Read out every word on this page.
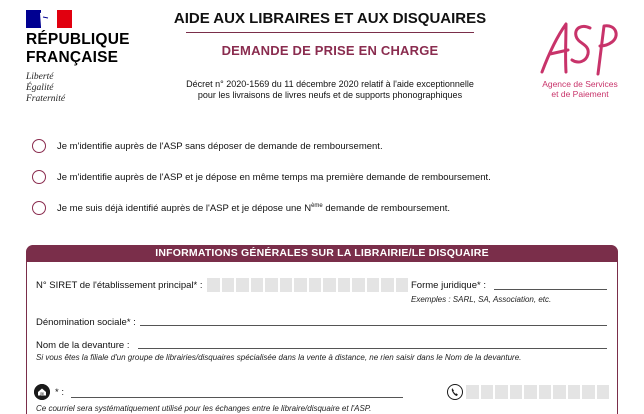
RÉPUBLIQUE
FRANÇAISE
Liberté
Égalité
Fraternité
AIDE AUX LIBRAIRES ET AUX DISQUAIRES
DEMANDE DE PRISE EN CHARGE
Décret n° 2020-1569 du 11 décembre 2020 relatif à l'aide exceptionnelle
pour les livraisons de livres neufs et de supports phonographiques
Agence de Services
et de Paiement
Je m'identifie auprès de l'ASP sans déposer de demande de remboursement.
Je m'identifie auprès de l'ASP et je dépose en même temps ma première demande de remboursement.
Je me suis déjà identifié auprès de l'ASP et je dépose une $N^{ème}$ demande de remboursement.
INFORMATIONS GÉNÉRALES SUR LA LIBRAIRIE/LE DISQUAIRE
N° SIRET de l'établissement principal* :	Forme juridique* :
Exemples : SARL, SA, Association, etc.
Dénomination sociale* :
Nom de la devanture :
Si vous êtes la filiale d'un groupe de librairies/disquaires spécialisée dans la vente à distance, ne rien saisir dans le Nom de la devanture.
@ * :
Ce courriel sera systématiquement utilisé pour les échanges entre le libraire/disquaire et l'ASP.
